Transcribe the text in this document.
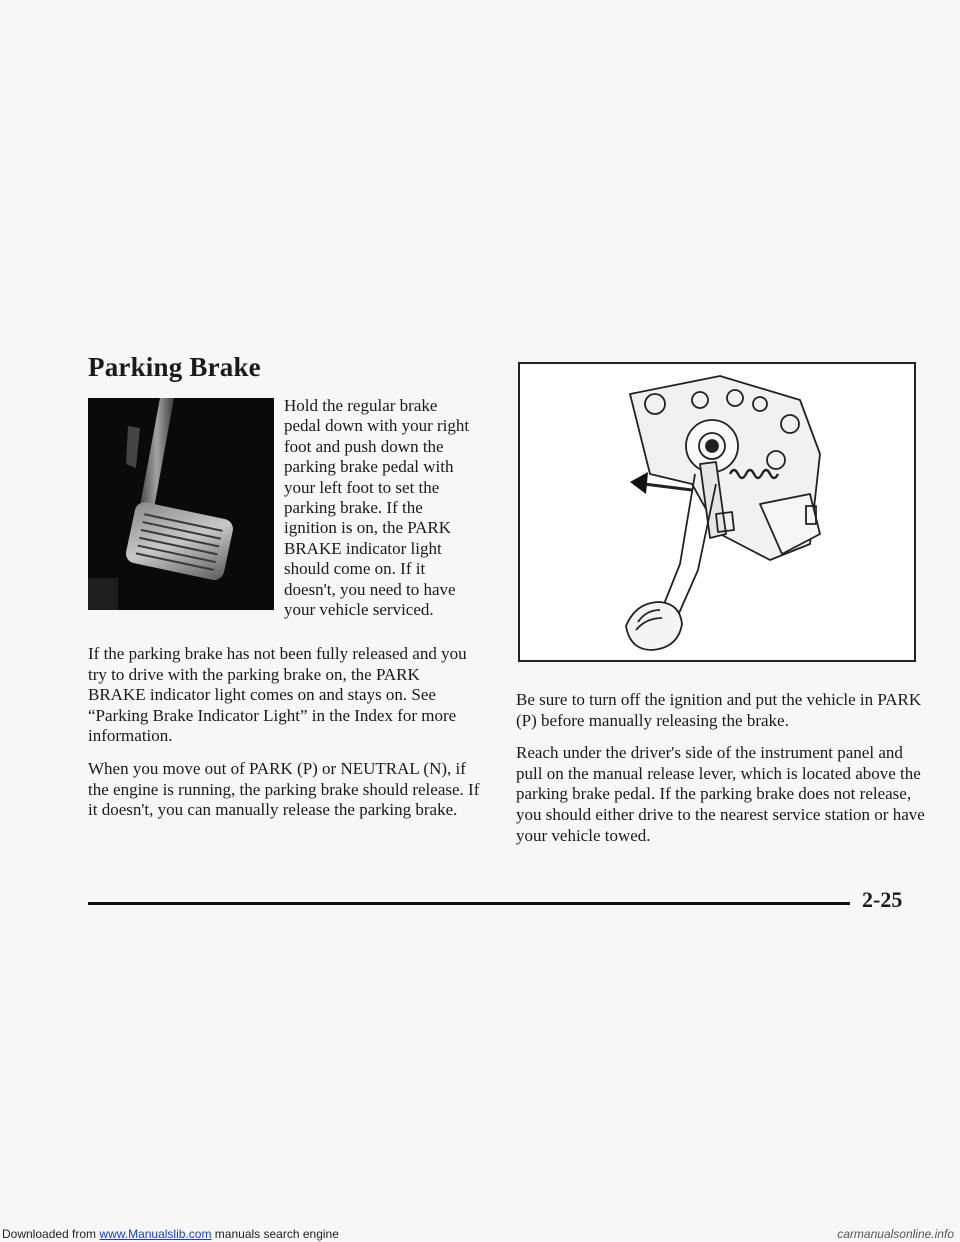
Parking Brake

Hold the regular brake pedal down with your right foot and push down the parking brake pedal with your left foot to set the parking brake. If the ignition is on, the PARK BRAKE indicator light should come on. If it doesn't, you need to have your vehicle serviced.

If the parking brake has not been fully released and you try to drive with the parking brake on, the PARK BRAKE indicator light comes on and stays on. See “Parking Brake Indicator Light” in the Index for more information.

When you move out of PARK (P) or NEUTRAL (N), if the engine is running, the parking brake should release. If it doesn't, you can manually release the parking brake.

Be sure to turn off the ignition and put the vehicle in PARK (P) before manually releasing the brake.

Reach under the driver's side of the instrument panel and pull on the manual release lever, which is located above the parking brake pedal. If the parking brake does not release, you should either drive to the nearest service station or have your vehicle towed.

2-25
Downloaded from www.Manualslib.com manuals search engine	carmanualsonline.info
